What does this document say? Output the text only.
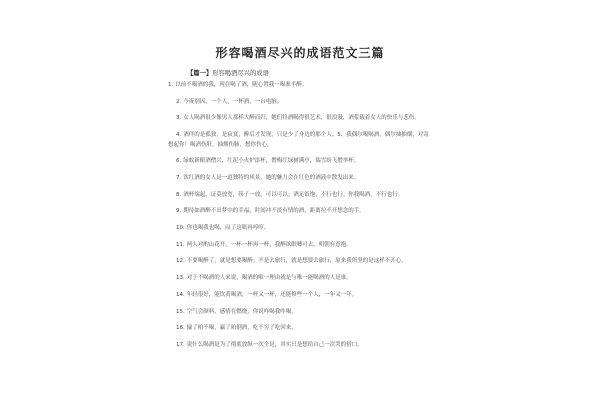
形容喝酒尽兴的成语范文三篇
【篇一】形容喝酒尽兴的成语
1. 以前不喝酒的我，现在喝了酒，随心置我一喝准半醉。
2. 今夜别因，一个人，一杯酒，一台电脑。
3. 女人喝酒很少像男人那样大醉而归，她们将酒喝得很艺术，很浪漫，酒浆载着女人的快乐与悲伤。
4. 酒伴的是孤独，是寂寞，醉后才发现，只是少了身边的那个人。5、我偶尔喝喝酒，偶尔抽抽烟，对寄想起你！喝酒伤肝，抽烟伤肺，想你伤心。
6. 绿蚁新醅酒僧兴，红泥小火炉添杯，僧梅红绿树满亭，瑞雪纷飞僧举杯。
7. 饮红酒的女人是一道独特的风景，她的魅力会在红色的酒液中散发出来。
8. 酒杯端起，证莫放宽，筷子一放，可以可以；酒足饭饱，不行也行；你我喝酒，不行也行。
9. 期待如酒醉不出梦中的幸福，时间冲不淡有情的酒，距离拉不开想念的手。
10. 你也喝我也喝，叹了这瓶再哼哼。
11. 两人对酌山花开，一杯一杯再一杯，我醉欲眠卿可去，明朝有意抱。
12. 不要喝醉了，就是想要喝醉；不是去旅行，就是想要去旅行，原来我所坚的是这样不开心。
13. 对于不喝酒的人来说，喝酒的唯一理由就是与唯一能喝酒的人是谁。
14. 年轻很好，能饮黄喝酒，一杯又一杯，还能修些一个人，一年又一年。
15. 空气会颜料，感情在燃烧，你说咋喝我咋喝。
16. 输了咱不喝，赢了咱倒酒，吃不穷了吃回来。
17. 说什么喝酒是为了彻底放纵一次全是，其实只是想给自己一次哭的借口。
